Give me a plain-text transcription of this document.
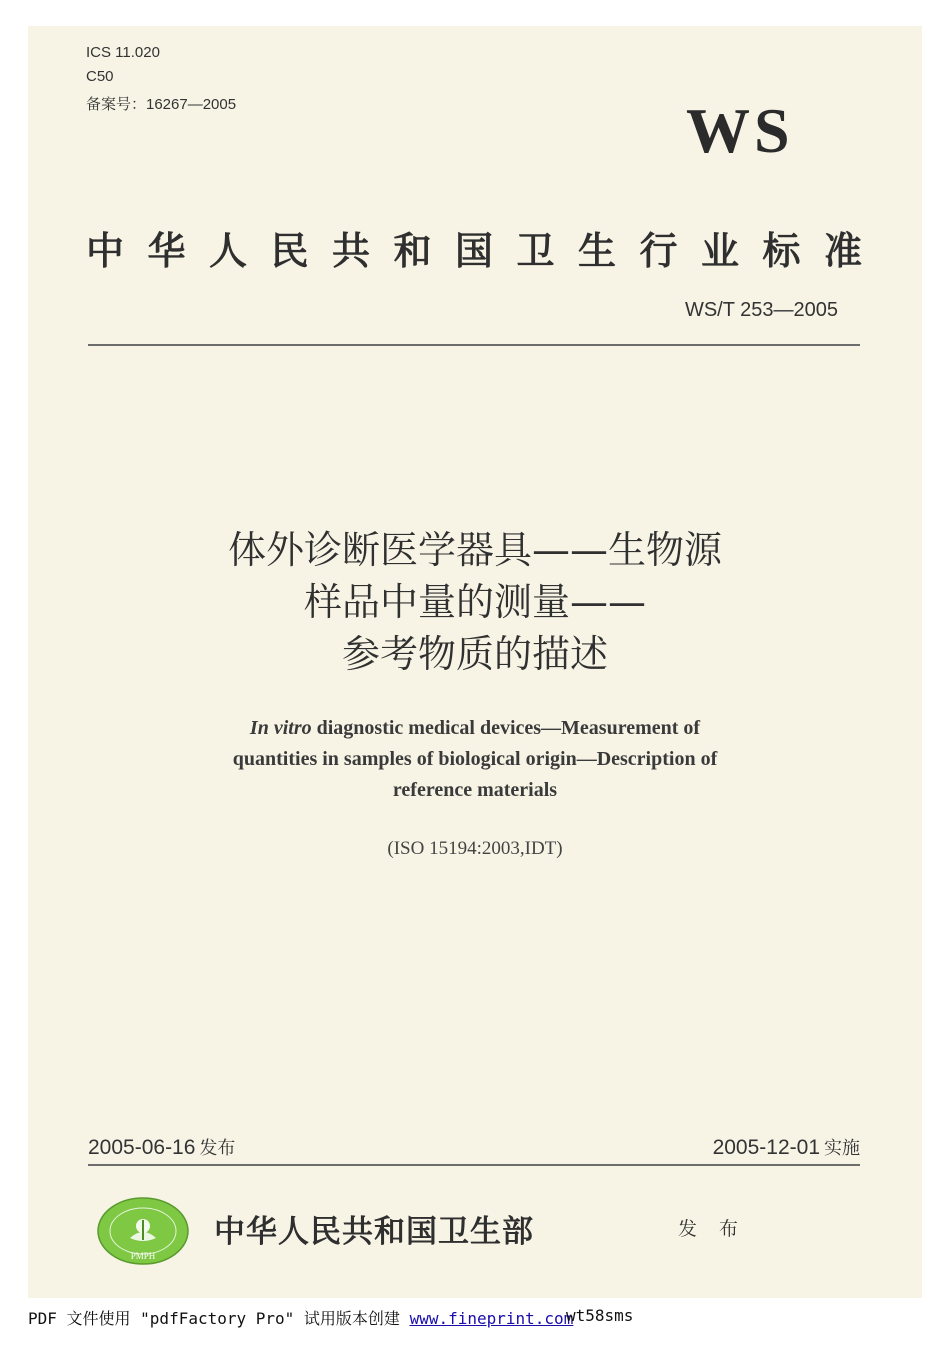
ICS 11.020
C50
备案号：16267—2005	WS
中华人民共和国卫生行业标准
WS/T 253—2005
体外诊断医学器具——生物源
样品中量的测量——
参考物质的描述
In vitro diagnostic medical devices—Measurement of
quantities in samples of biological origin—Description of
reference materials
(ISO 15194:2003,IDT)
2005-06-16 发布	2005-12-01 实施
PMPH
中华人民共和国卫生部	发 布
PDF 文件使用 "pdfFactory Pro" 试用版本创建 www.fineprint.com
wt58sms
